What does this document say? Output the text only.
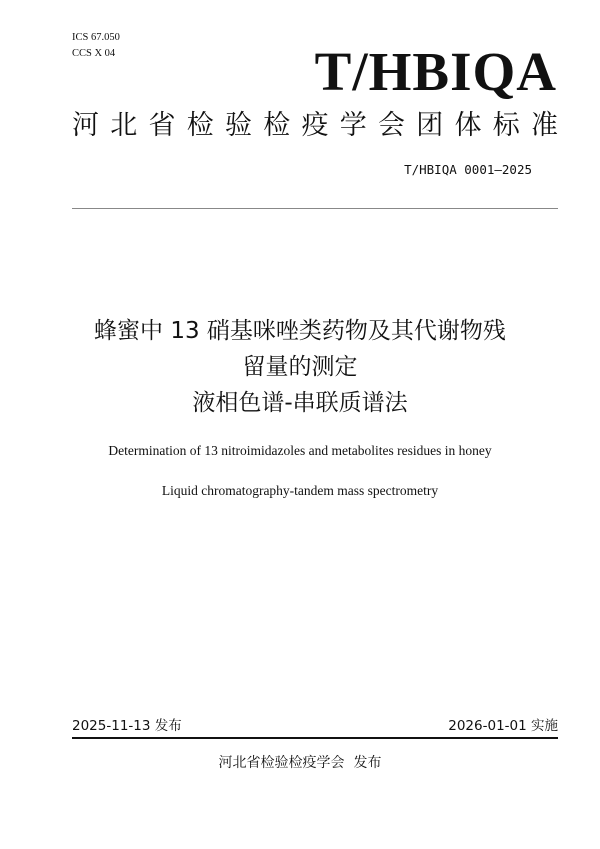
ICS 67.050
CCS X 04	T/HBIQA
河 北 省 检 验 检 疫 学 会 团 体 标 准
T/HBIQA 0001—2025
蜂蜜中 13 硝基咪唑类药物及其代谢物残
留量的测定
液相色谱-串联质谱法
Determination of 13 nitroimidazoles and metabolites residues in honey
Liquid chromatography-tandem mass spectrometry
2025-11-13 发布	2026-01-01 实施
河北省检验检疫学会  发布
